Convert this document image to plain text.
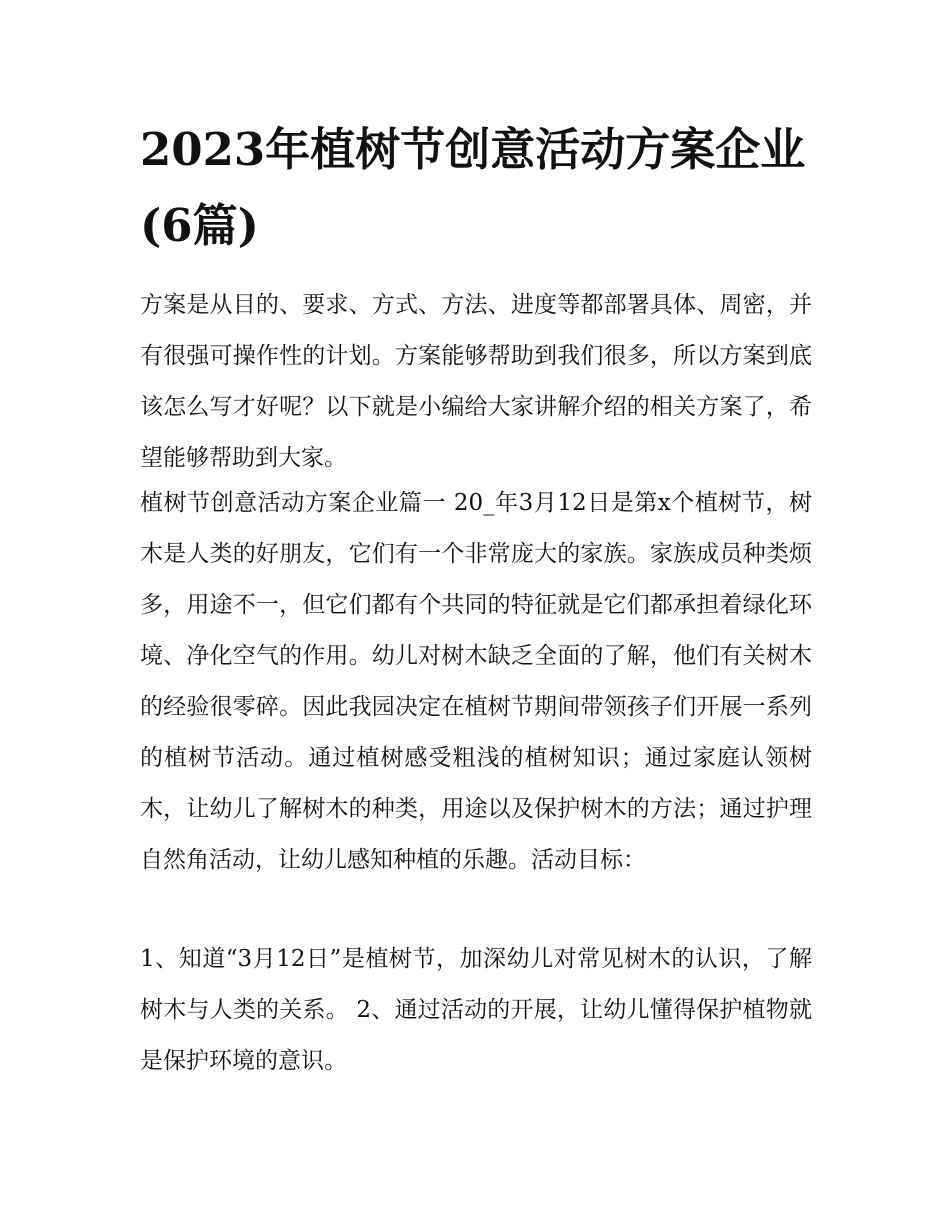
2023年植树节创意活动方案企业(6篇)

方案是从目的、要求、方式、方法、进度等都部署具体、周密，并有很强可操作性的计划。方案能够帮助到我们很多，所以方案到底该怎么写才好呢？以下就是小编给大家讲解介绍的相关方案了，希望能够帮助到大家。

植树节创意活动方案企业篇一 20_年3月12日是第x个植树节，树木是人类的好朋友，它们有一个非常庞大的家族。家族成员种类烦多，用途不一，但它们都有个共同的特征就是它们都承担着绿化环境、净化空气的作用。幼儿对树木缺乏全面的了解，他们有关树木的经验很零碎。因此我园决定在植树节期间带领孩子们开展一系列的植树节活动。通过植树感受粗浅的植树知识；通过家庭认领树木，让幼儿了解树木的种类，用途以及保护树木的方法；通过护理自然角活动，让幼儿感知种植的乐趣。活动目标：

1、知道“3月12日”是植树节，加深幼儿对常见树木的认识，了解树木与人类的关系。 2、通过活动的开展，让幼儿懂得保护植物就是保护环境的意识。
